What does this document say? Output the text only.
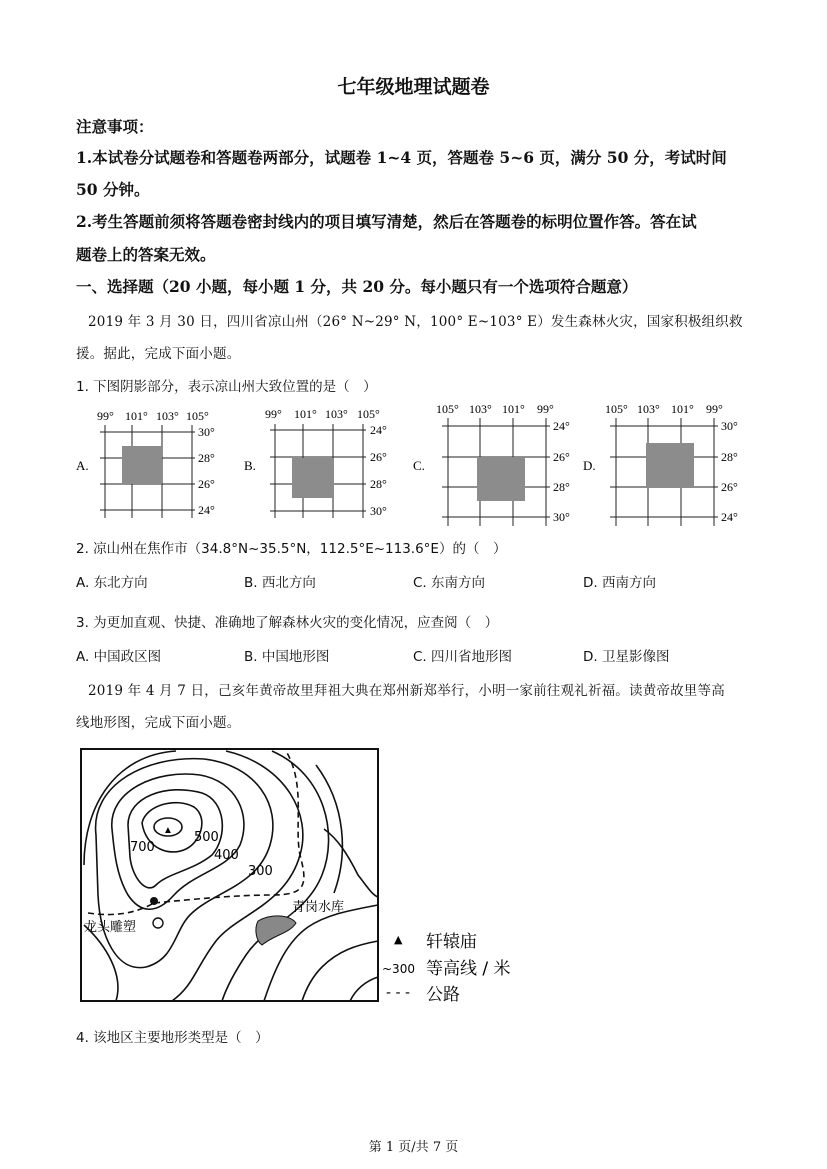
七年级地理试题卷
注意事项：
1.本试卷分试题卷和答题卷两部分，试题卷 1~4 页，答题卷 5~6 页，满分 50 分，考试时间
50 分钟。
2.考生答题前须将答题卷密封线内的项目填写清楚，然后在答题卷的标明位置作答。答在试
题卷上的答案无效。
一、选择题（20 小题，每小题 1 分，共 20 分。每小题只有一个选项符合题意）
2019 年 3 月 30 日，四川省凉山州（26° N~29° N，100° E~103° E）发生森林火灾，国家积极组织救
援。据此，完成下面小题。
1. 下图阴影部分，表示凉山州大致位置的是（　）
A.
99° 101° 103° 105°
30°
28°
26°
24°
B.
99° 101° 103° 105°
24°
26°
28°
30°
C.
105° 103° 101° 99°
24°
26°
28°
30°
D.
105° 103° 101° 99°
30°
28°
26°
24°
2. 凉山州在焦作市（34.8°N~35.5°N，112.5°E~113.6°E）的（　）
A. 东北方向	B. 西北方向	C. 东南方向	D. 西南方向
3. 为更加直观、快捷、准确地了解森林火灾的变化情况，应查阅（　）
A. 中国政区图	B. 中国地形图	C. 四川省地形图	D. 卫星影像图
2019 年 4 月 7 日，己亥年黄帝故里拜祖大典在郑州新郑举行，小明一家前往观礼祈福。读黄帝故里等高
线地形图，完成下面小题。
▲ 500
700
400
300
青岗水库
龙头雕塑
▲ 轩辕庙
~300 等高线 / 米
- - - 公路
4. 该地区主要地形类型是（　）
第 1 页/共 7 页
